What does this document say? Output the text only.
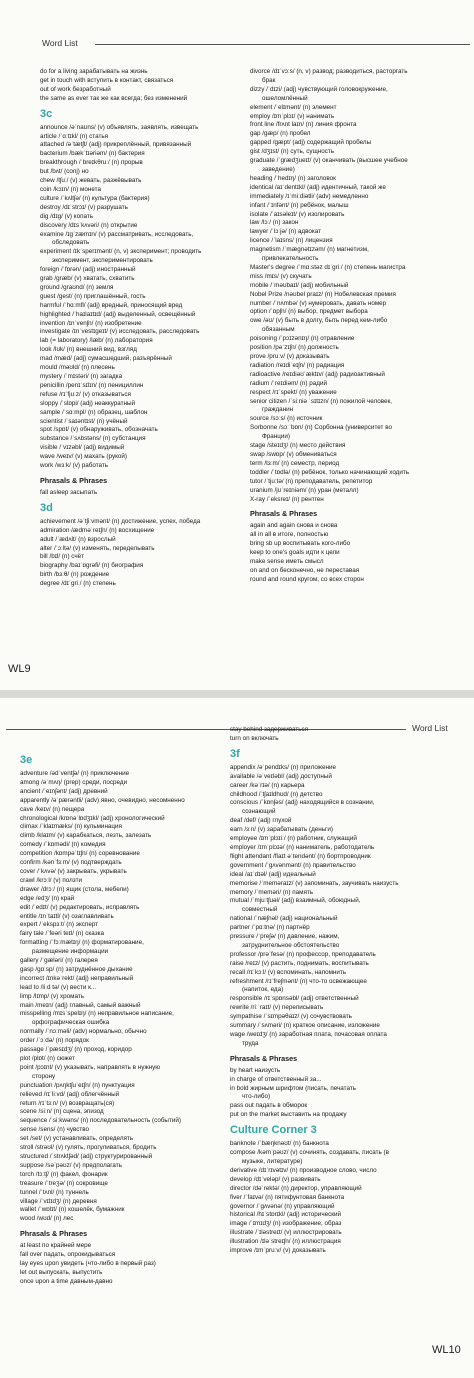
Word List
do for a living зарабатывать на жизнь
get in touch with вступить в контакт, связаться
out of work безработный
the same as ever так же как всегда; без изменений
3c
announce /əˈnaʊns/ (v) объявлять, заявлять, извещать
article /ˈɑːtɪkl/ (n) статья
attached /əˈtætʃt/ (adj) прикреплённый, привязанный
bacterium /bækˈtɪəriəm/ (n) бактерия
breakthrough /ˈbreɪkθruː/ (n) прорыв
but /bʌt/ (conj) но
chew /tʃuː/ (v) жевать, разжёвывать
coin /kɔɪn/ (n) монета
culture /ˈkʌltʃə/ (n) культура (бактерия)
destroy /dɪˈstrɔɪ/ (v) разрушать
dig /dɪɡ/ (v) копать
discovery /dɪsˈkʌvəri/ (n) открытие
examine /ɪɡˈzæmɪn/ (v) рассматривать, исследовать,
обследовать
experiment /ɪkˈsperɪmənt/ (n, v) эксперимент; проводить
эксперимент, экспериментировать
foreign /ˈfɒrən/ (adj) иностранный
grab /ɡræb/ (v) хватать, схватить
ground /ɡraʊnd/ (n) земля
guest /ɡest/ (n) приглашённый, гость
harmful /ˈhɑːmfl/ (adj) вредный, приносящий вред
highlighted /ˈhaɪlaɪtɪd/ (adj) выделенный, освещённый
invention /ɪnˈvenʃn/ (n) изобретение
investigate /ɪnˈvestɪɡeɪt/ (v) исследовать, расследовать
lab (= laboratory) /læb/ (n) лаборатория
look /lʊk/ (n) внешний вид, взгляд
mad /mæd/ (adj) сумасшедший, разъярённый
mould /məʊld/ (n) плесень
mystery /ˈmɪstəri/ (n) загадка
penicillin /penɪˈsɪlɪn/ (n) пенициллин
refuse /rɪˈfjuːz/ (v) отказываться
sloppy /ˈslɒpi/ (adj) неаккуратный
sample /ˈsɑːmpl/ (n) образец, шаблон
scientist /ˈsaɪəntɪst/ (n) учёный
spot /spɒt/ (v) обнаруживать, обозначать
substance /ˈsʌbstəns/ (n) субстанция
visible /ˈvɪzəbl/ (adj) видимый
wave /weɪv/ (v) махать (рукой)
work /wɜːk/ (v) работать
Phrasals & Phrases
fall asleep засыпать
3d
achievement /əˈtʃiːvmənt/ (n) достижение, успех, победа
admiration /ædməˈreɪʃn/ (n) восхищение
adult /ˈædʌlt/ (n) взрослый
alter /ˈɔːltə/ (v) изменять, переделывать
bill /bɪl/ (n) счёт
biography /baɪˈɒɡrəfi/ (n) биография
birth /bɜːθ/ (n) рождение
degree /dɪˈɡriː/ (n) степень
divorce /dɪˈvɔːs/ (n, v) развод; разводиться, расторгать
брак
dizzy /ˈdɪzi/ (adj) чувствующий головокружение,
ошеломлённый
element /ˈelɪmənt/ (n) элемент
employ /ɪmˈplɔɪ/ (v) нанимать
front line /frʌnt laɪn/ (n) линия фронта
gap /ɡæp/ (n) пробел
gapped /ɡæpt/ (adj) содержащий пробелы
gist /dʒɪst/ (n) суть, сущность
graduate /ˈɡrædʒueɪt/ (v) оканчивать (высшее учебное
заведение)
heading /ˈhedɪŋ/ (n) заголовок
identical /aɪˈdentɪkl/ (adj) идентичный, такой же
immediately /ɪˈmiːdiətli/ (adv) немедленно
infant /ˈɪnfənt/ (n) ребёнок, малыш
isolate /ˈaɪsəleɪt/ (v) изолировать
law /lɔː/ (n) закон
lawyer /ˈlɔːjə/ (n) адвокат
licence /ˈlaɪsns/ (n) лицензия
magnetism /ˈmæɡnətɪzəm/ (n) магнетизм,
привлекательность
Master's degree /ˈmɑːstəz dɪˈɡriː/ (n) степень магистра
miss /mɪs/ (v) скучать
mobile /ˈməʊbaɪl/ (adj) мобильный
Nobel Prize /nəʊbel praɪz/ (n) Нобелевская премия
number /ˈnʌmbə/ (v) нумеровать, давать номер
option /ˈɒpʃn/ (n) выбор, предмет выбора
owe /əʊ/ (v) быть в долгу, быть перед кем-либо
обязанным
poisoning /ˈpɔɪzənɪŋ/ (n) отравление
position /pəˈzɪʃn/ (n) должность
prove /pruːv/ (v) доказывать
radiation /reɪdiˈeɪʃn/ (n) радиация
radioactive /reɪdiəʊˈæktɪv/ (adj) радиоактивный
radium /ˈreɪdiəm/ (n) радий
respect /rɪˈspekt/ (n) уважение
senior citizen /ˈsiːniə ˈsɪtɪzn/ (n) пожилой человек,
гражданин
source /sɔːs/ (n) источник
Sorbonne /sɔːˈbɒn/ (n) Сорбонна (университет во
Франции)
stage /steɪdʒ/ (n) место действия
swap /swɒp/ (v) обмениваться
term /tɜːm/ (n) семестр, период
toddler /ˈtɒdlə/ (n) ребёнок, только начинающий ходить
tutor /ˈtjuːtə/ (n) преподаватель, репетитор
uranium /jʊˈreɪniəm/ (n) уран (металл)
X-ray /ˈeksreɪ/ (n) рентген
Phrasals & Phrases
again and again снова и снова
all in all в итоге, полностью
bring sb up воспитывать кого-либо
keep to one's goals идти к цели
make sense иметь смысл
on and on бесконечно, не переставая
round and round кругом, со всех сторон
WL9
Word List
3e
adventure /ədˈventʃə/ (n) приключение
among /əˈmʌŋ/ (prep) среди, посреди
ancient /ˈeɪnʃənt/ (adj) древний
apparently /əˈpærəntli/ (adv) явно, очевидно, несомненно
cave /keɪv/ (n) пещера
chronological /krɒnəˈlɒdʒɪkl/ (adj) хронологический
climax /ˈklaɪmæks/ (n) кульминация
climb /klaɪm/ (v) карабкаться, лезть, залезать
comedy /ˈkɒmədi/ (n) комедия
competition /kɒmpəˈtɪʃn/ (n) соревнование
confirm /kənˈfɜːm/ (v) подтверждать
cover /ˈkʌvə/ (v) закрывать, укрывать
crawl /krɔːl/ (v) ползти
drawer /drɔː/ (n) ящик (стола, мебели)
edge /edʒ/ (n) край
edit /ˈedɪt/ (v) редактировать, исправлять
entitle /ɪnˈtaɪtl/ (v) озаглавливать
expert /ˈekspɜːt/ (n) эксперт
fairy tale /ˈfeəri teɪl/ (n) сказка
formatting /ˈfɔːmætɪŋ/ (n) форматирование,
размещение информации
gallery /ˈɡæləri/ (n) галерея
gasp /ɡɑːsp/ (n) затруднённое дыхание
incorrect /ɪnkəˈrekt/ (adj) неправильный
lead to /liːd tə/ (v) вести к...
limp /lɪmp/ (v) хромать
main /meɪn/ (adj) главный, самый важный
misspelling /mɪsˈspelɪŋ/ (n) неправильное написание,
орфографическая ошибка
normally /ˈnɔːməli/ (adv) нормально, обычно
order /ˈɔːdə/ (n) порядок
passage /ˈpæsɪdʒ/ (n) проход, коридор
plot /plɒt/ (n) сюжет
point /pɔɪnt/ (v) указывать, направлять в нужную
сторону
punctuation /pʌŋktʃuˈeɪʃn/ (n) пунктуация
relieved /rɪˈliːvd/ (adj) облегчённый
return /rɪˈtɜːn/ (v) возвращать(ся)
scene /siːn/ (n) сцена, эпизод
sequence /ˈsiːkwəns/ (n) последовательность (событий)
sense /sens/ (n) чувство
set /set/ (v) устанавливать, определять
stroll /strəʊl/ (v) гулять, прогуливаться, бродить
structured /ˈstrʌktʃəd/ (adj) структурированный
suppose /səˈpəʊz/ (v) предполагать
torch /tɔːtʃ/ (n) факел, фонарик
treasure /ˈtreʒə/ (n) сокровище
tunnel /ˈtʌnl/ (n) туннель
village /ˈvɪlɪdʒ/ (n) деревня
wallet /ˈwɒlɪt/ (n) кошелёк, бумажник
wood /wʊd/ (n) лес
Phrasals & Phrases
at least по крайней мере
fall over падать, опрокидываться
lay eyes upon увидеть (что-либо в первый раз)
let out выпускать, выпустить
once upon a time давным-давно
stay behind задерживаться
turn on включать
3f
appendix /əˈpendɪks/ (n) приложение
available /əˈveɪləbl/ (adj) доступный
career /kəˈrɪə/ (n) карьера
childhood /ˈtʃaɪldhʊd/ (n) детство
conscious /ˈkɒnʃəs/ (adj) находящийся в сознании,
сознающий
deaf /def/ (adj) глухой
earn /ɜːn/ (v) зарабатывать (деньги)
employee /ɪmˈplɔɪiː/ (n) работник, служащий
employer /ɪmˈplɔɪə/ (n) наниматель, работодатель
flight attendant /flaɪt əˈtendənt/ (n) бортпроводник
government /ˈɡʌvənmənt/ (n) правительство
ideal /aɪˈdɪəl/ (adj) идеальный
memorise /ˈmeməraɪz/ (v) запоминать, заучивать наизусть
memory /ˈmeməri/ (n) память
mutual /ˈmjuːtʃuəl/ (adj) взаимный, обоюдный,
совместный
national /ˈnæʃnəl/ (adj) национальный
partner /ˈpɑːtnə/ (n) партнёр
pressure /ˈpreʃə/ (n) давление, нажим,
затруднительное обстоятельство
professor /prəˈfesə/ (n) профессор, преподаватель
raise /reɪz/ (v) растить, поднимать, воспитывать
recall /rɪˈkɔːl/ (v) вспоминать, напомнить
refreshment /rɪˈfreʃmənt/ (n) что-то освежающее
(напиток, еда)
responsible /rɪˈspɒnsəbl/ (adj) ответственный
rewrite /riːˈraɪt/ (v) переписывать
sympathise /ˈsɪmpəθaɪz/ (v) сочувствовать
summary /ˈsʌməri/ (n) краткое описание, изложение
wage /weɪdʒ/ (n) заработная плата, почасовая оплата
труда
Phrasals & Phrases
by heart наизусть
in charge of ответственный за...
in bold жирным шрифтом (писать, печатать
что-либо)
pass out падать в обморок
put on the market выставить на продажу
Culture Corner 3
banknote /ˈbæŋknəʊt/ (n) банкнота
compose /kəmˈpəʊz/ (v) сочинять, создавать, писать (в
музыке, литературе)
derivative /dɪˈrɪvətɪv/ (n) производное слово, число
develop /dɪˈveləp/ (v) развивать
director /dəˈrektə/ (n) директор, управляющий
fiver /ˈfaɪvə/ (n) пятифунтовая банкнота
governor /ˈɡʌvənə/ (n) управляющий
historical /hɪˈstɒrɪkl/ (adj) исторический
image /ˈɪmɪdʒ/ (n) изображение, образ
illustrate /ˈɪləstreɪt/ (v) иллюстрировать
illustration /ɪləˈstreɪʃn/ (n) иллюстрация
improve /ɪmˈpruːv/ (v) доказывать
WL10
